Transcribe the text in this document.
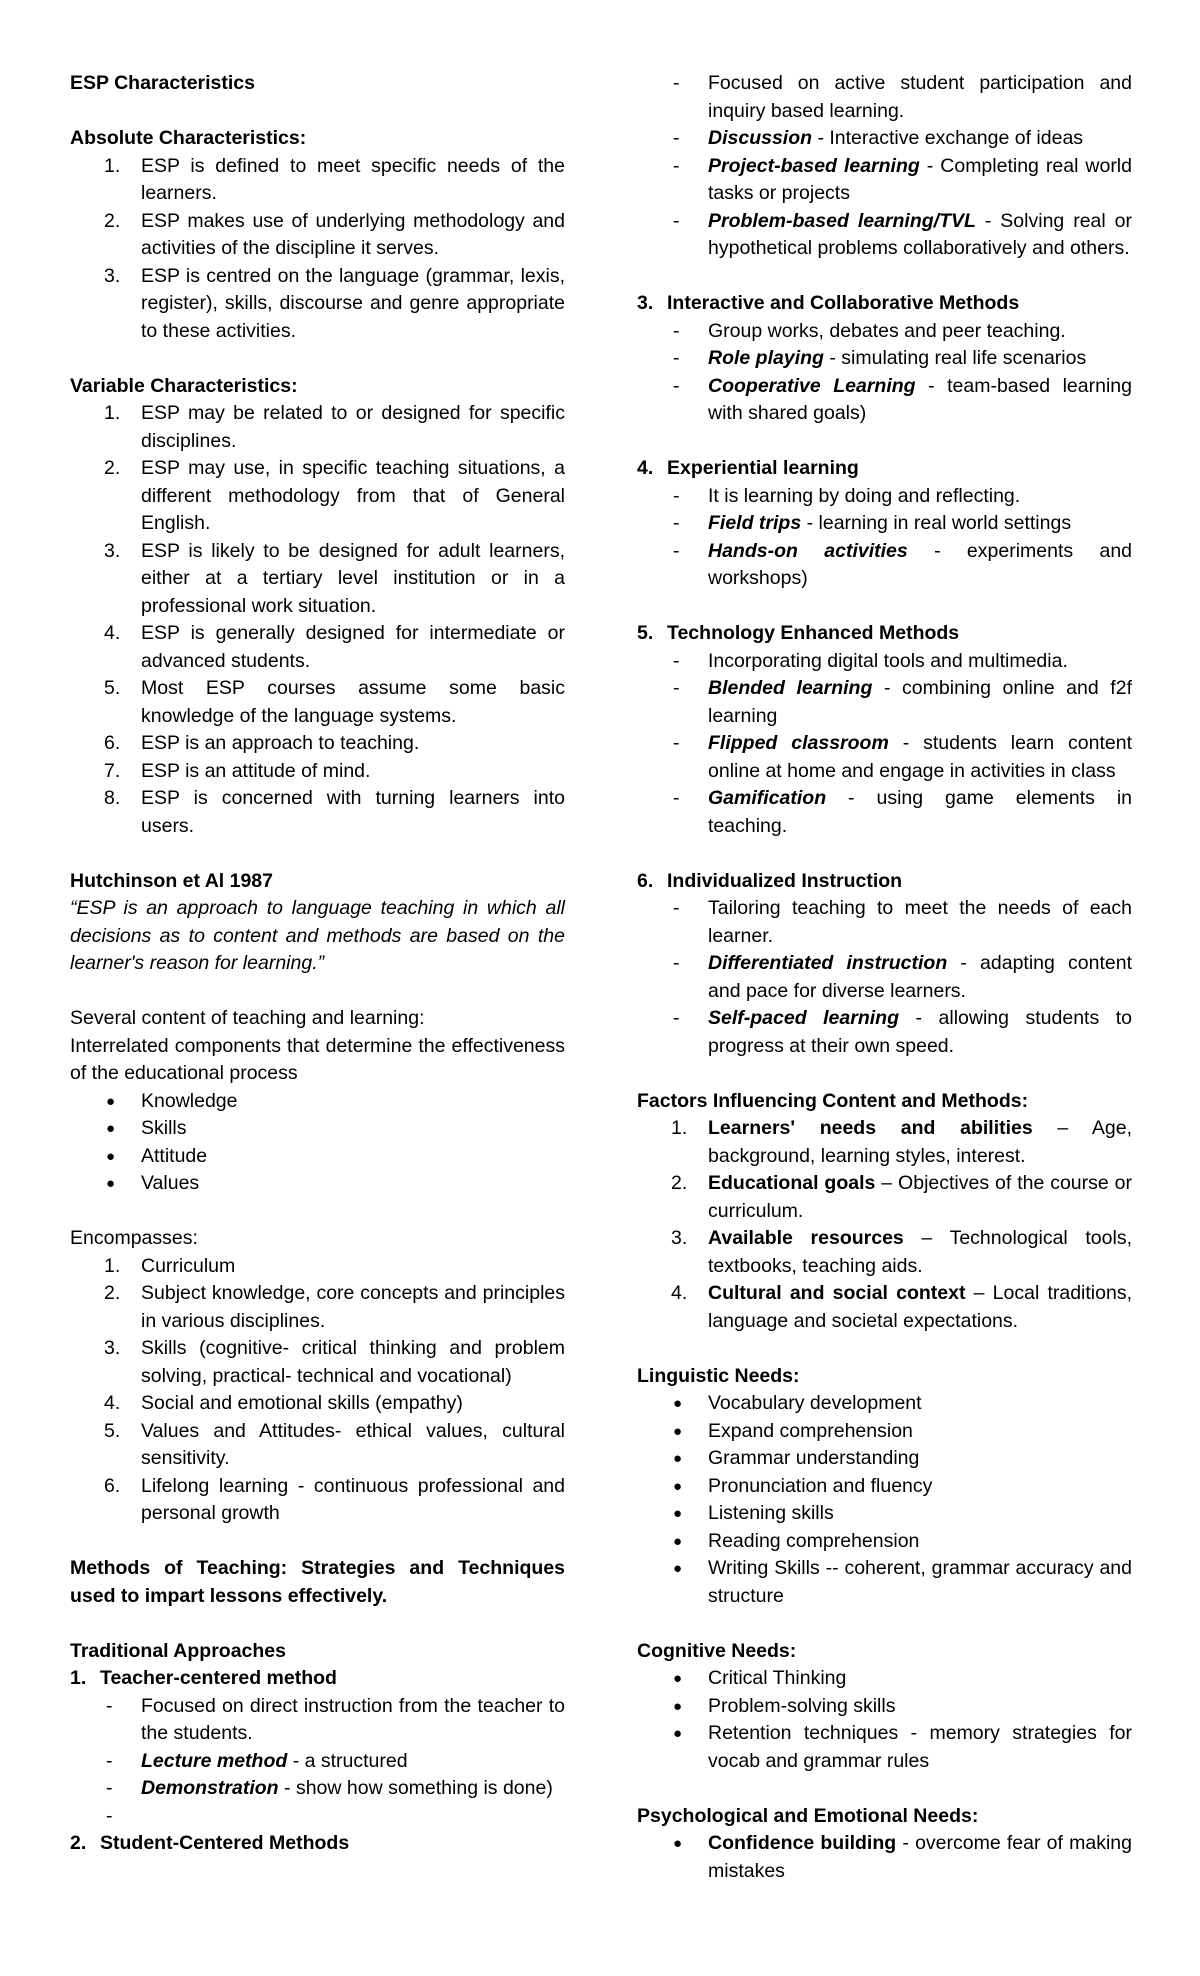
ESP Characteristics

Absolute Characteristics:

1. ESP is defined to meet specific needs of the learners.
2. ESP makes use of underlying methodology and activities of the discipline it serves.
3. ESP is centred on the language (grammar, lexis, register), skills, discourse and genre appropriate to these activities.

Variable Characteristics:

1. ESP may be related to or designed for specific disciplines.
2. ESP may use, in specific teaching situations, a different methodology from that of General English.
3. ESP is likely to be designed for adult learners, either at a tertiary level institution or in a professional work situation.
4. ESP is generally designed for intermediate or advanced students.
5. Most ESP courses assume some basic knowledge of the language systems.
6. ESP is an approach to teaching.
7. ESP is an attitude of mind.
8. ESP is concerned with turning learners into users.

Hutchinson et Al 1987

“ESP is an approach to language teaching in which all decisions as to content and methods are based on the learner's reason for learning.”

Several content of teaching and learning:

Interrelated components that determine the effectiveness of the educational process

● Knowledge
● Skills
● Attitude
● Values

Encompasses:

1. Curriculum
2. Subject knowledge, core concepts and principles in various disciplines.
3. Skills (cognitive- critical thinking and problem solving, practical- technical and vocational)
4. Social and emotional skills (empathy)
5. Values and Attitudes- ethical values, cultural sensitivity.
6. Lifelong learning - continuous professional and personal growth

Methods of Teaching: Strategies and Techniques used to impart lessons effectively.

Traditional Approaches

1. Teacher-centered method

- Focused on direct instruction from the teacher to the students.
- Lecture method - a structured
- Demonstration - show how something is done)
-

2. Student-Centered Methods

- Focused on active student participation and inquiry based learning.
- Discussion - Interactive exchange of ideas
- Project-based learning - Completing real world tasks or projects
- Problem-based learning/TVL - Solving real or hypothetical problems collaboratively and others.

3. Interactive and Collaborative Methods

- Group works, debates and peer teaching.
- Role playing - simulating real life scenarios
- Cooperative Learning - team-based learning with shared goals)

4. Experiential learning

- It is learning by doing and reflecting.
- Field trips - learning in real world settings
- Hands-on activities - experiments and workshops)

5. Technology Enhanced Methods

- Incorporating digital tools and multimedia.
- Blended learning - combining online and f2f learning
- Flipped classroom - students learn content online at home and engage in activities in class
- Gamification - using game elements in teaching.

6. Individualized Instruction

- Tailoring teaching to meet the needs of each learner.
- Differentiated instruction - adapting content and pace for diverse learners.
- Self-paced learning - allowing students to progress at their own speed.

Factors Influencing Content and Methods:

1. Learners' needs and abilities – Age, background, learning styles, interest.
2. Educational goals – Objectives of the course or curriculum.
3. Available resources – Technological tools, textbooks, teaching aids.
4. Cultural and social context – Local traditions, language and societal expectations.

Linguistic Needs:

● Vocabulary development
● Expand comprehension
● Grammar understanding
● Pronunciation and fluency
● Listening skills
● Reading comprehension
● Writing Skills -- coherent, grammar accuracy and structure

Cognitive Needs:

● Critical Thinking
● Problem-solving skills
● Retention techniques - memory strategies for vocab and grammar rules

Psychological and Emotional Needs:

● Confidence building - overcome fear of making mistakes
